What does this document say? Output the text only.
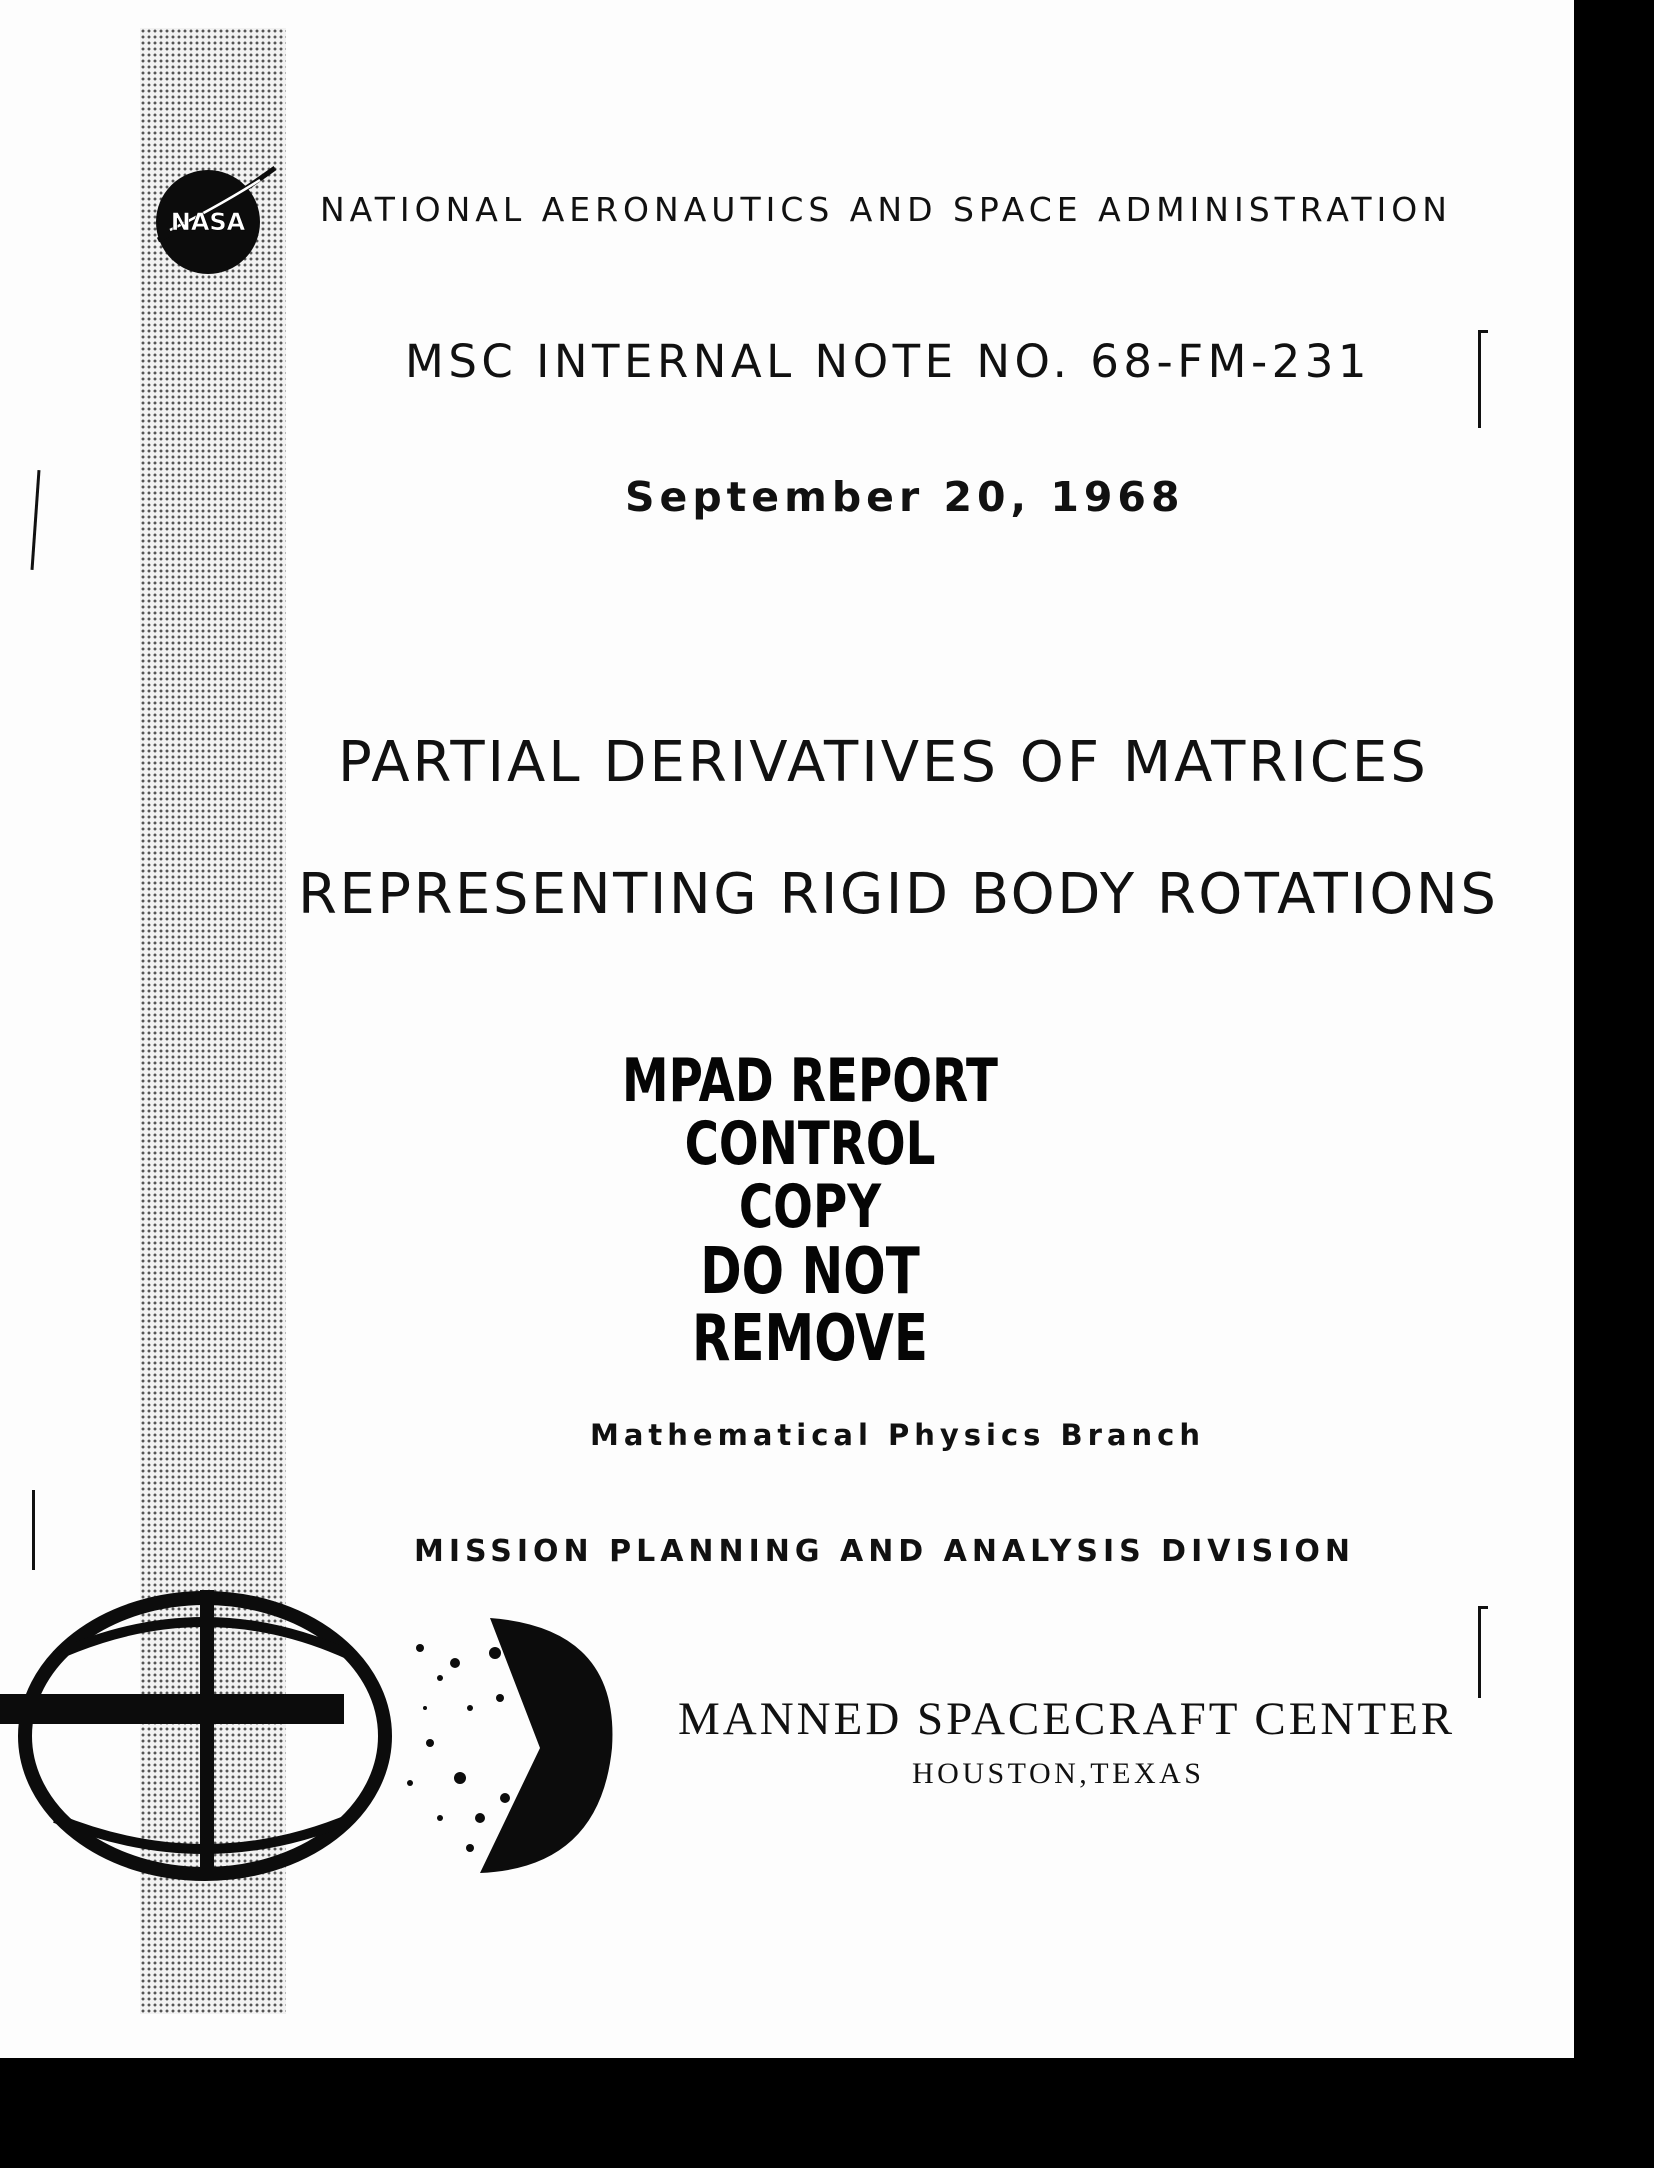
NASA NATIONAL AERONAUTICS AND SPACE ADMINISTRATION
MSC INTERNAL NOTE NO. 68-FM-231
September 20, 1968
PARTIAL DERIVATIVES OF MATRICES
REPRESENTING RIGID BODY ROTATIONS
MPAD REPORT CONTROL
COPY
DO NOT REMOVE
Mathematical Physics Branch
MISSION PLANNING AND ANALYSIS DIVISION
MANNED SPACECRAFT CENTER
HOUSTON,TEXAS
